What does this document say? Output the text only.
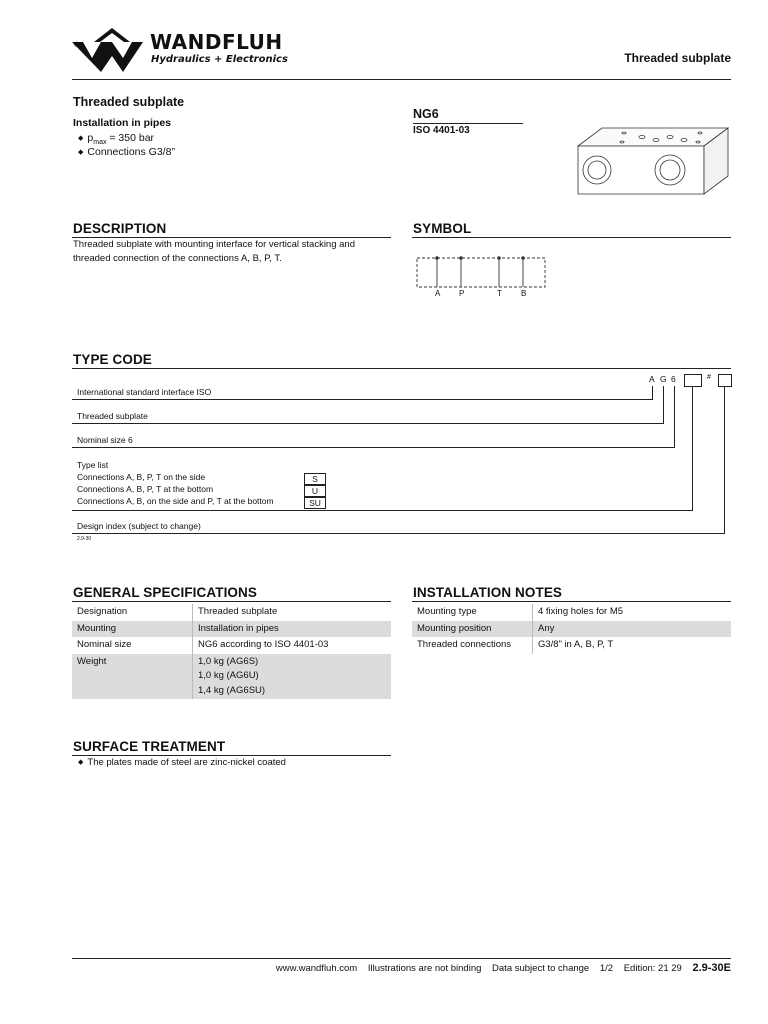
®	WANDFLUH
Hydraulics + Electronics	Threaded subplate
Threaded subplate
Installation in pipes
◆ $p_{max} = 350$ bar
◆ Connections G3/8”
NG6
ISO 4401-03
DESCRIPTION
Threaded subplate with mounting interface for vertical stacking and threaded connection of the connections A, B, P, T.
SYMBOL
A P	T B
TYPE CODE
A G 6	#
International standard interface ISO
Threaded subplate
Nominal size 6
Type list
Connections A, B, P, T on the side	S
Connections A, B, P, T at the bottom	U
Connections A, B, on the side and P, T at the bottom	SU
Design index (subject to change)
2.9-30
GENERAL SPECIFICATIONS
Designation	Threaded subplate
Mounting	Installation in pipes
Nominal size	NG6 according to ISO 4401-03
Weight	1,0 kg (AG6S)
1,0 kg (AG6U)
1,4 kg (AG6SU)
INSTALLATION NOTES
Mounting type	4 fixing holes for M5
Mounting position	Any
Threaded connections	G3/8” in A, B, P, T
SURFACE TREATMENT
◆ The plates made of steel are zinc-nickel coated
www.wandfluh.com Illustrations are not binding Data subject to change 1/2 Edition: 21 29 2.9-30E
